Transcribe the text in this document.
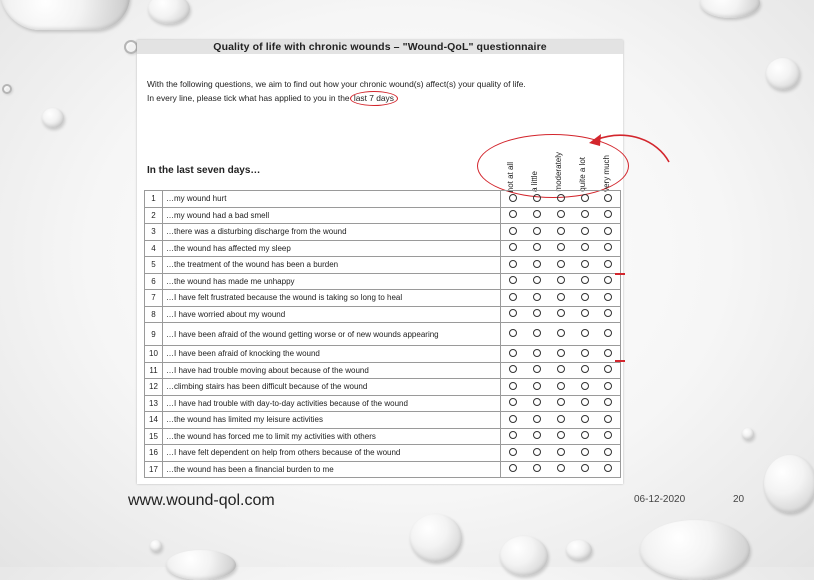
Quality of life with chronic wounds – "Wound-QoL" questionnaire
With the following questions, we aim to find out how your chronic wound(s) affect(s) your quality of life.
In every line, please tick what has applied to you in the last 7 days
In the last seven days…	not at all a little moderately quite a lot very much
1	…my wound hurt					
2	…my wound had a bad smell					
3	…there was a disturbing discharge from the wound					
4	…the wound has affected my sleep					
5	…the treatment of the wound has been a burden					
6	…the wound has made me unhappy					
7	…I have felt frustrated because the wound is taking so long to heal					
8	…I have worried about my wound					
9	…I have been afraid of the wound getting worse or of new wounds appearing					
10	…I have been afraid of knocking the wound					
11	…I have had trouble moving about because of the wound					
12	…climbing stairs has been difficult because of the wound					
13	…I have had trouble with day-to-day activities because of the wound					
14	…the wound has limited my leisure activities					
15	…the wound has forced me to limit my activities with others					
16	…I have felt dependent on help from others because of the wound					
17	…the wound has been a financial burden to me					
www.wound-qol.com	06-12-2020	20
